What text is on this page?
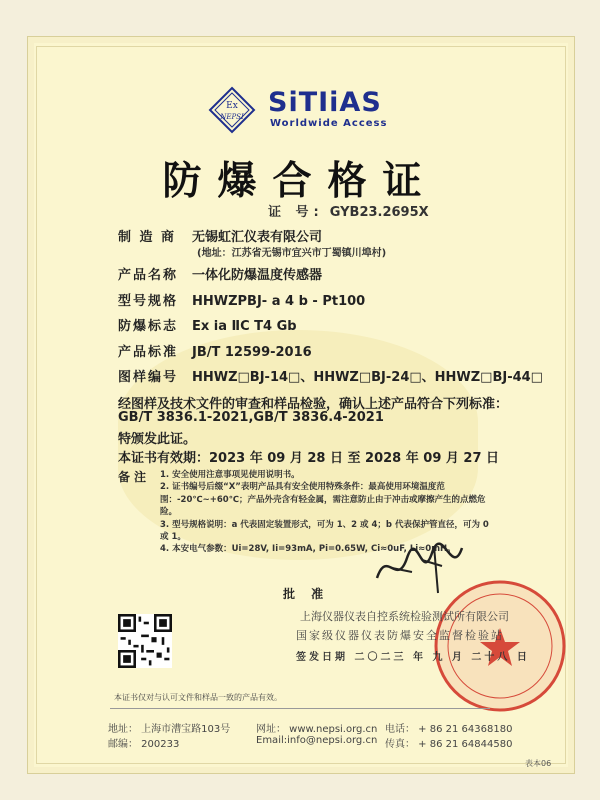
Ex
NEPSI SiTIiAS
Worldwide Access
防爆合格证
证 号: GYB23.2695X
制 造 商 无锡虹汇仪表有限公司
(地址：江苏省无锡市宜兴市丁蜀镇川埠村)
产品名称 一体化防爆温度传感器
型号规格 HHWZPBJ- a 4 b - Pt100
防爆标志 Ex ia ⅡC T4 Gb
产品标准 JB/T 12599-2016
图样编号 HHWZ□BJ-14□、HHWZ□BJ-24□、HHWZ□BJ-44□
经图样及技术文件的审查和样品检验，确认上述产品符合下列标准：
GB/T 3836.1-2021,GB/T 3836.4-2021
特颁发此证。
本证书有效期：2023 年 09 月 28 日 至 2028 年 09 月 27 日
备注 1. 安全使用注意事项见使用说明书。
2. 证书编号后缀“X”表明产品具有安全使用特殊条件：最高使用环境温度范围：-20℃~+60℃；产品外壳含有轻金属，需注意防止由于冲击或摩擦产生的点燃危险。
3. 型号规格说明：a 代表固定装置形式，可为 1、2 或 4；b 代表保护管直径，可为 0 或 1。
4. 本安电气参数：Ui=28V, Ii=93mA, Pi=0.65W, Ci≈0uF, Li≈0mH。
批 准
上海仪器仪表自控系统检验测试所有限公司
国家级仪器仪表防爆安全监督检验站
签发日期 二〇二三 年 九 月 二十八 日
本证书仅对与认可文件和样品一致的产品有效。
地址： 上海市漕宝路103号
邮编： 200233
网址： www.nepsi.org.cn
Email:info@nepsi.org.cn
电话： + 86 21 64368180
传真： + 86 21 64844580
表本06
